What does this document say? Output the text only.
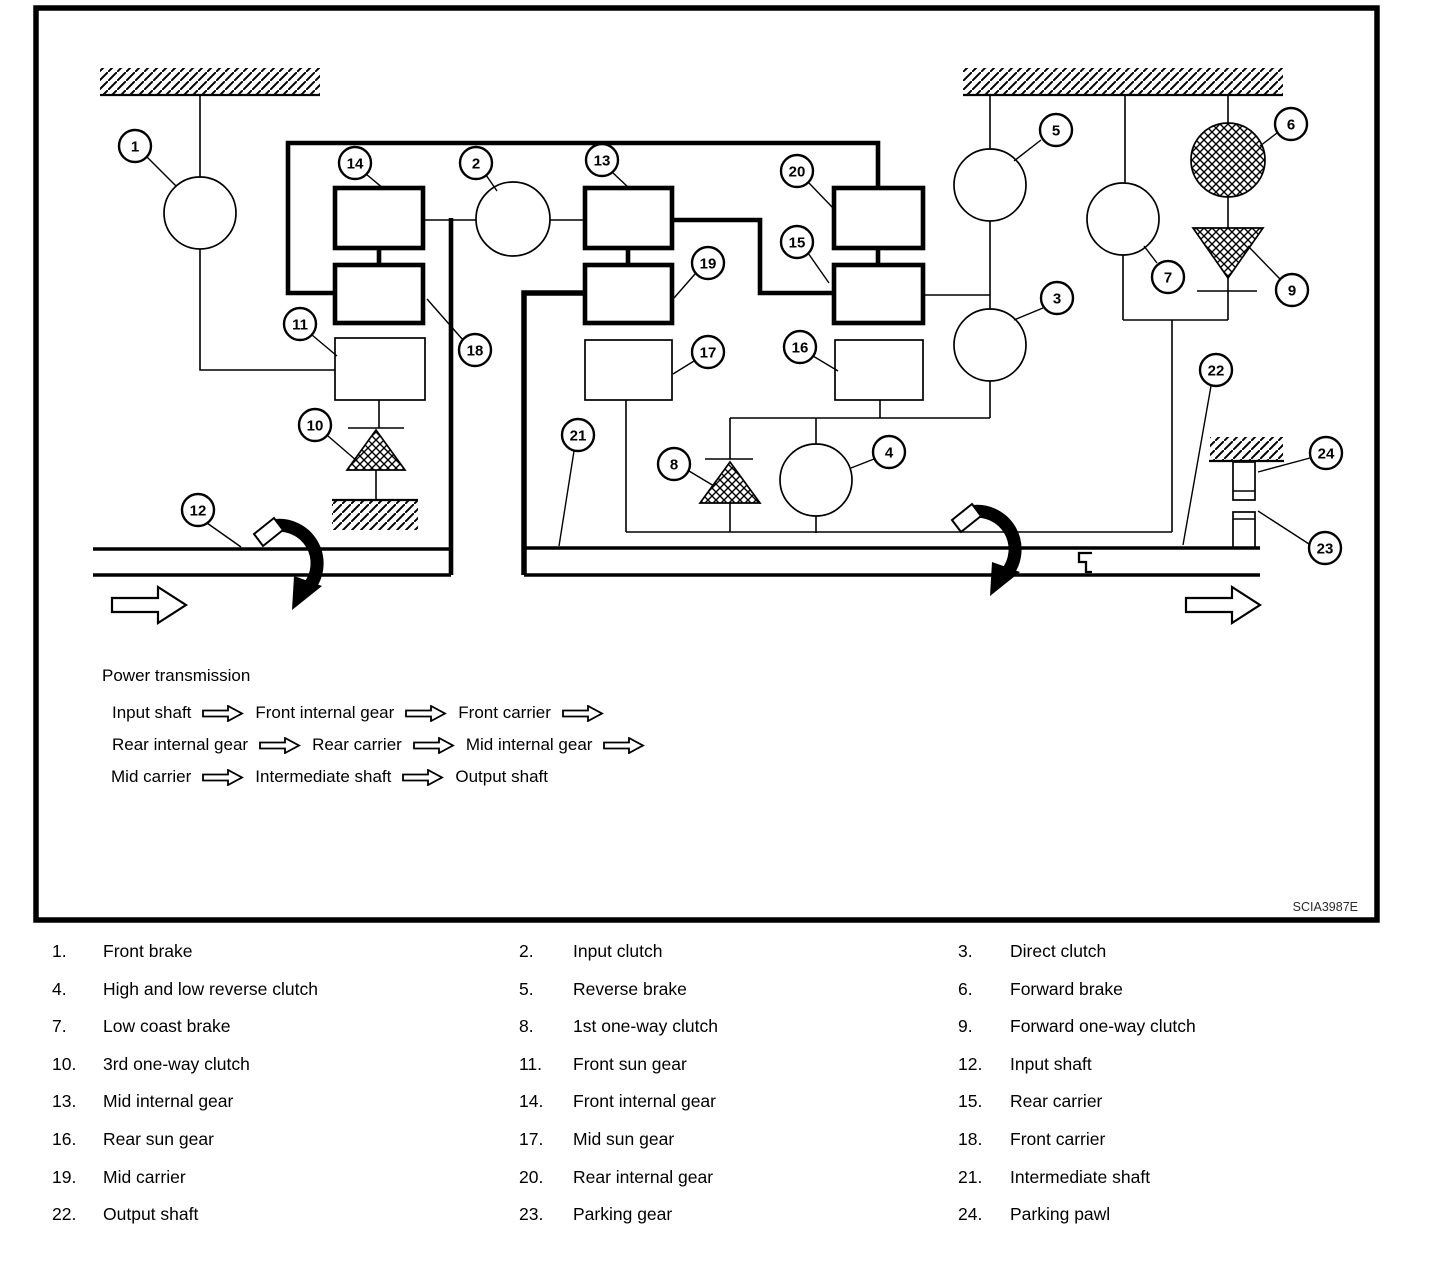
1
2
3
4
5	6
7
8
9
10
11
12
13
14
15
16
17
18
19
20
21
22
23
24
SCIA3987E
Power transmission
Input shaft	Front internal gear	Front carrier
Rear internal gear	Rear carrier	Mid internal gear
Mid carrier	Intermediate shaft	Output shaft
1.	Front brake	2.	Input clutch	3.	Direct clutch
4.	High and low reverse clutch	5.	Reverse brake	6.	Forward brake
7.	Low coast brake	8.	1st one-way clutch	9.	Forward one-way clutch
10.	3rd one-way clutch	11.	Front sun gear	12.	Input shaft
13.	Mid internal gear	14.	Front internal gear	15.	Rear carrier
16.	Rear sun gear	17.	Mid sun gear	18.	Front carrier
19.	Mid carrier	20.	Rear internal gear	21.	Intermediate shaft
22.	Output shaft	23.	Parking gear	24.	Parking pawl
